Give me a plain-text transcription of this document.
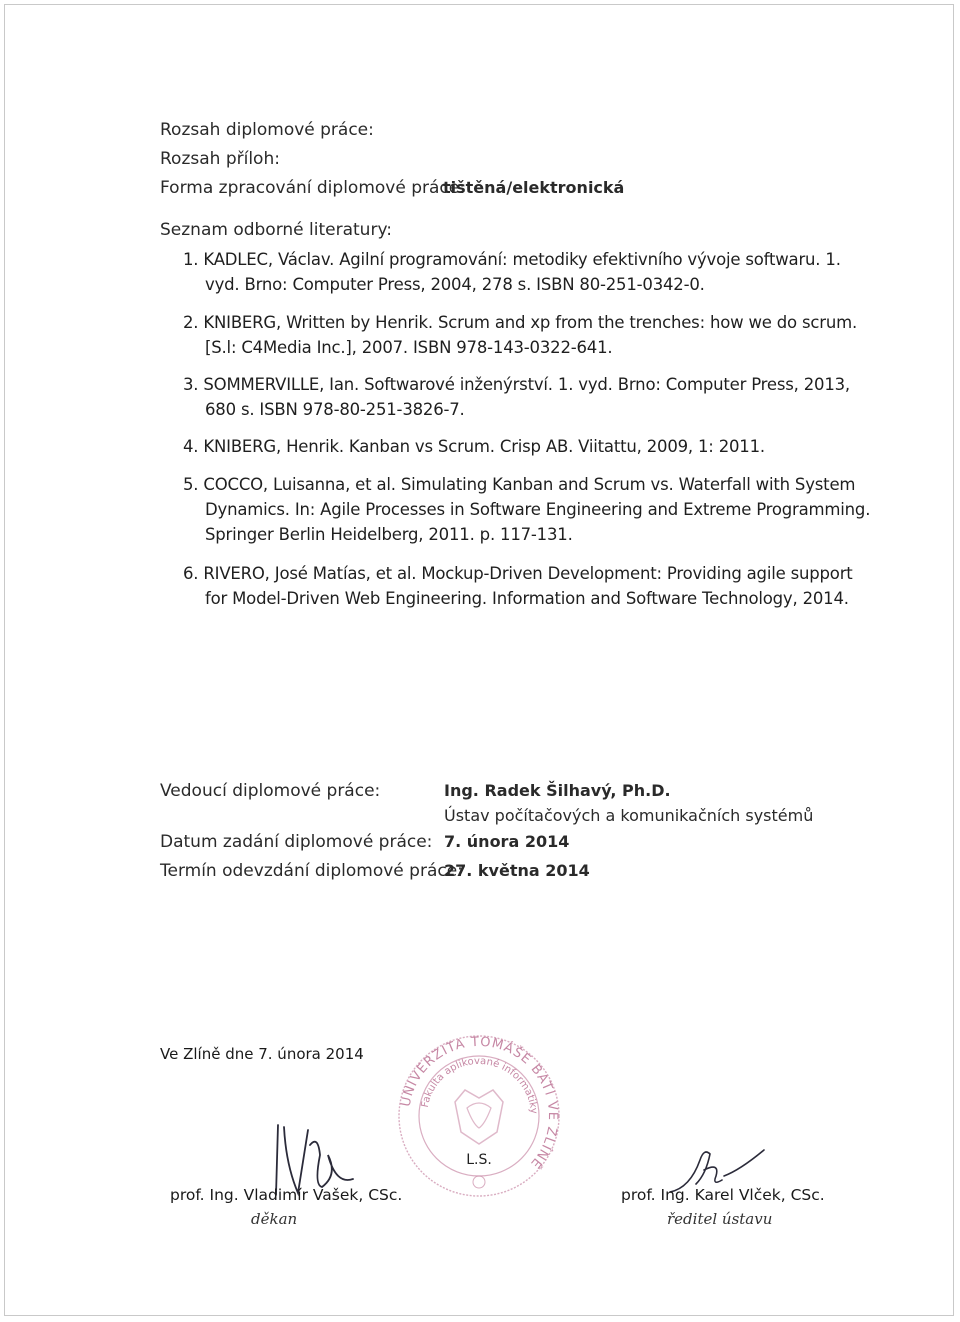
Rozsah diplomové práce:
Rozsah příloh:
Forma zpracování diplomové práce:
tištěná/elektronická
Seznam odborné literatury:
1. KADLEC, Václav. Agilní programování: metodiky efektivního vývoje softwaru. 1.
vyd. Brno: Computer Press, 2004, 278 s. ISBN 80-251-0342-0.
2. KNIBERG, Written by Henrik. Scrum and xp from the trenches: how we do scrum.
[S.l: C4Media Inc.], 2007. ISBN 978-143-0322-641.
3. SOMMERVILLE, Ian. Softwarové inženýrství. 1. vyd. Brno: Computer Press, 2013,
680 s. ISBN 978-80-251-3826-7.
4. KNIBERG, Henrik. Kanban vs Scrum. Crisp AB. Viitattu, 2009, 1: 2011.
5. COCCO, Luisanna, et al. Simulating Kanban and Scrum vs. Waterfall with System
Dynamics. In: Agile Processes in Software Engineering and Extreme Programming.
Springer Berlin Heidelberg, 2011. p. 117-131.
6. RIVERO, José Matías, et al. Mockup-Driven Development: Providing agile support
for Model-Driven Web Engineering. Information and Software Technology, 2014.
Vedoucí diplomové práce:	Ing. Radek Šilhavý, Ph.D.
Ústav počítačových a komunikačních systémů
Datum zadání diplomové práce: 7. února 2014
Termín odevzdání diplomové práce:
27. května 2014
Ve Zlíně dne 7. února 2014
UNIVERZITA TOMÁŠE BATI VE ZLÍNĚ
Fakulta aplikované informatiky
L.S.
prof. Ing. Vladimír Vašek, CSc.
děkan
prof. Ing. Karel Vlček, CSc.
ředitel ústavu
